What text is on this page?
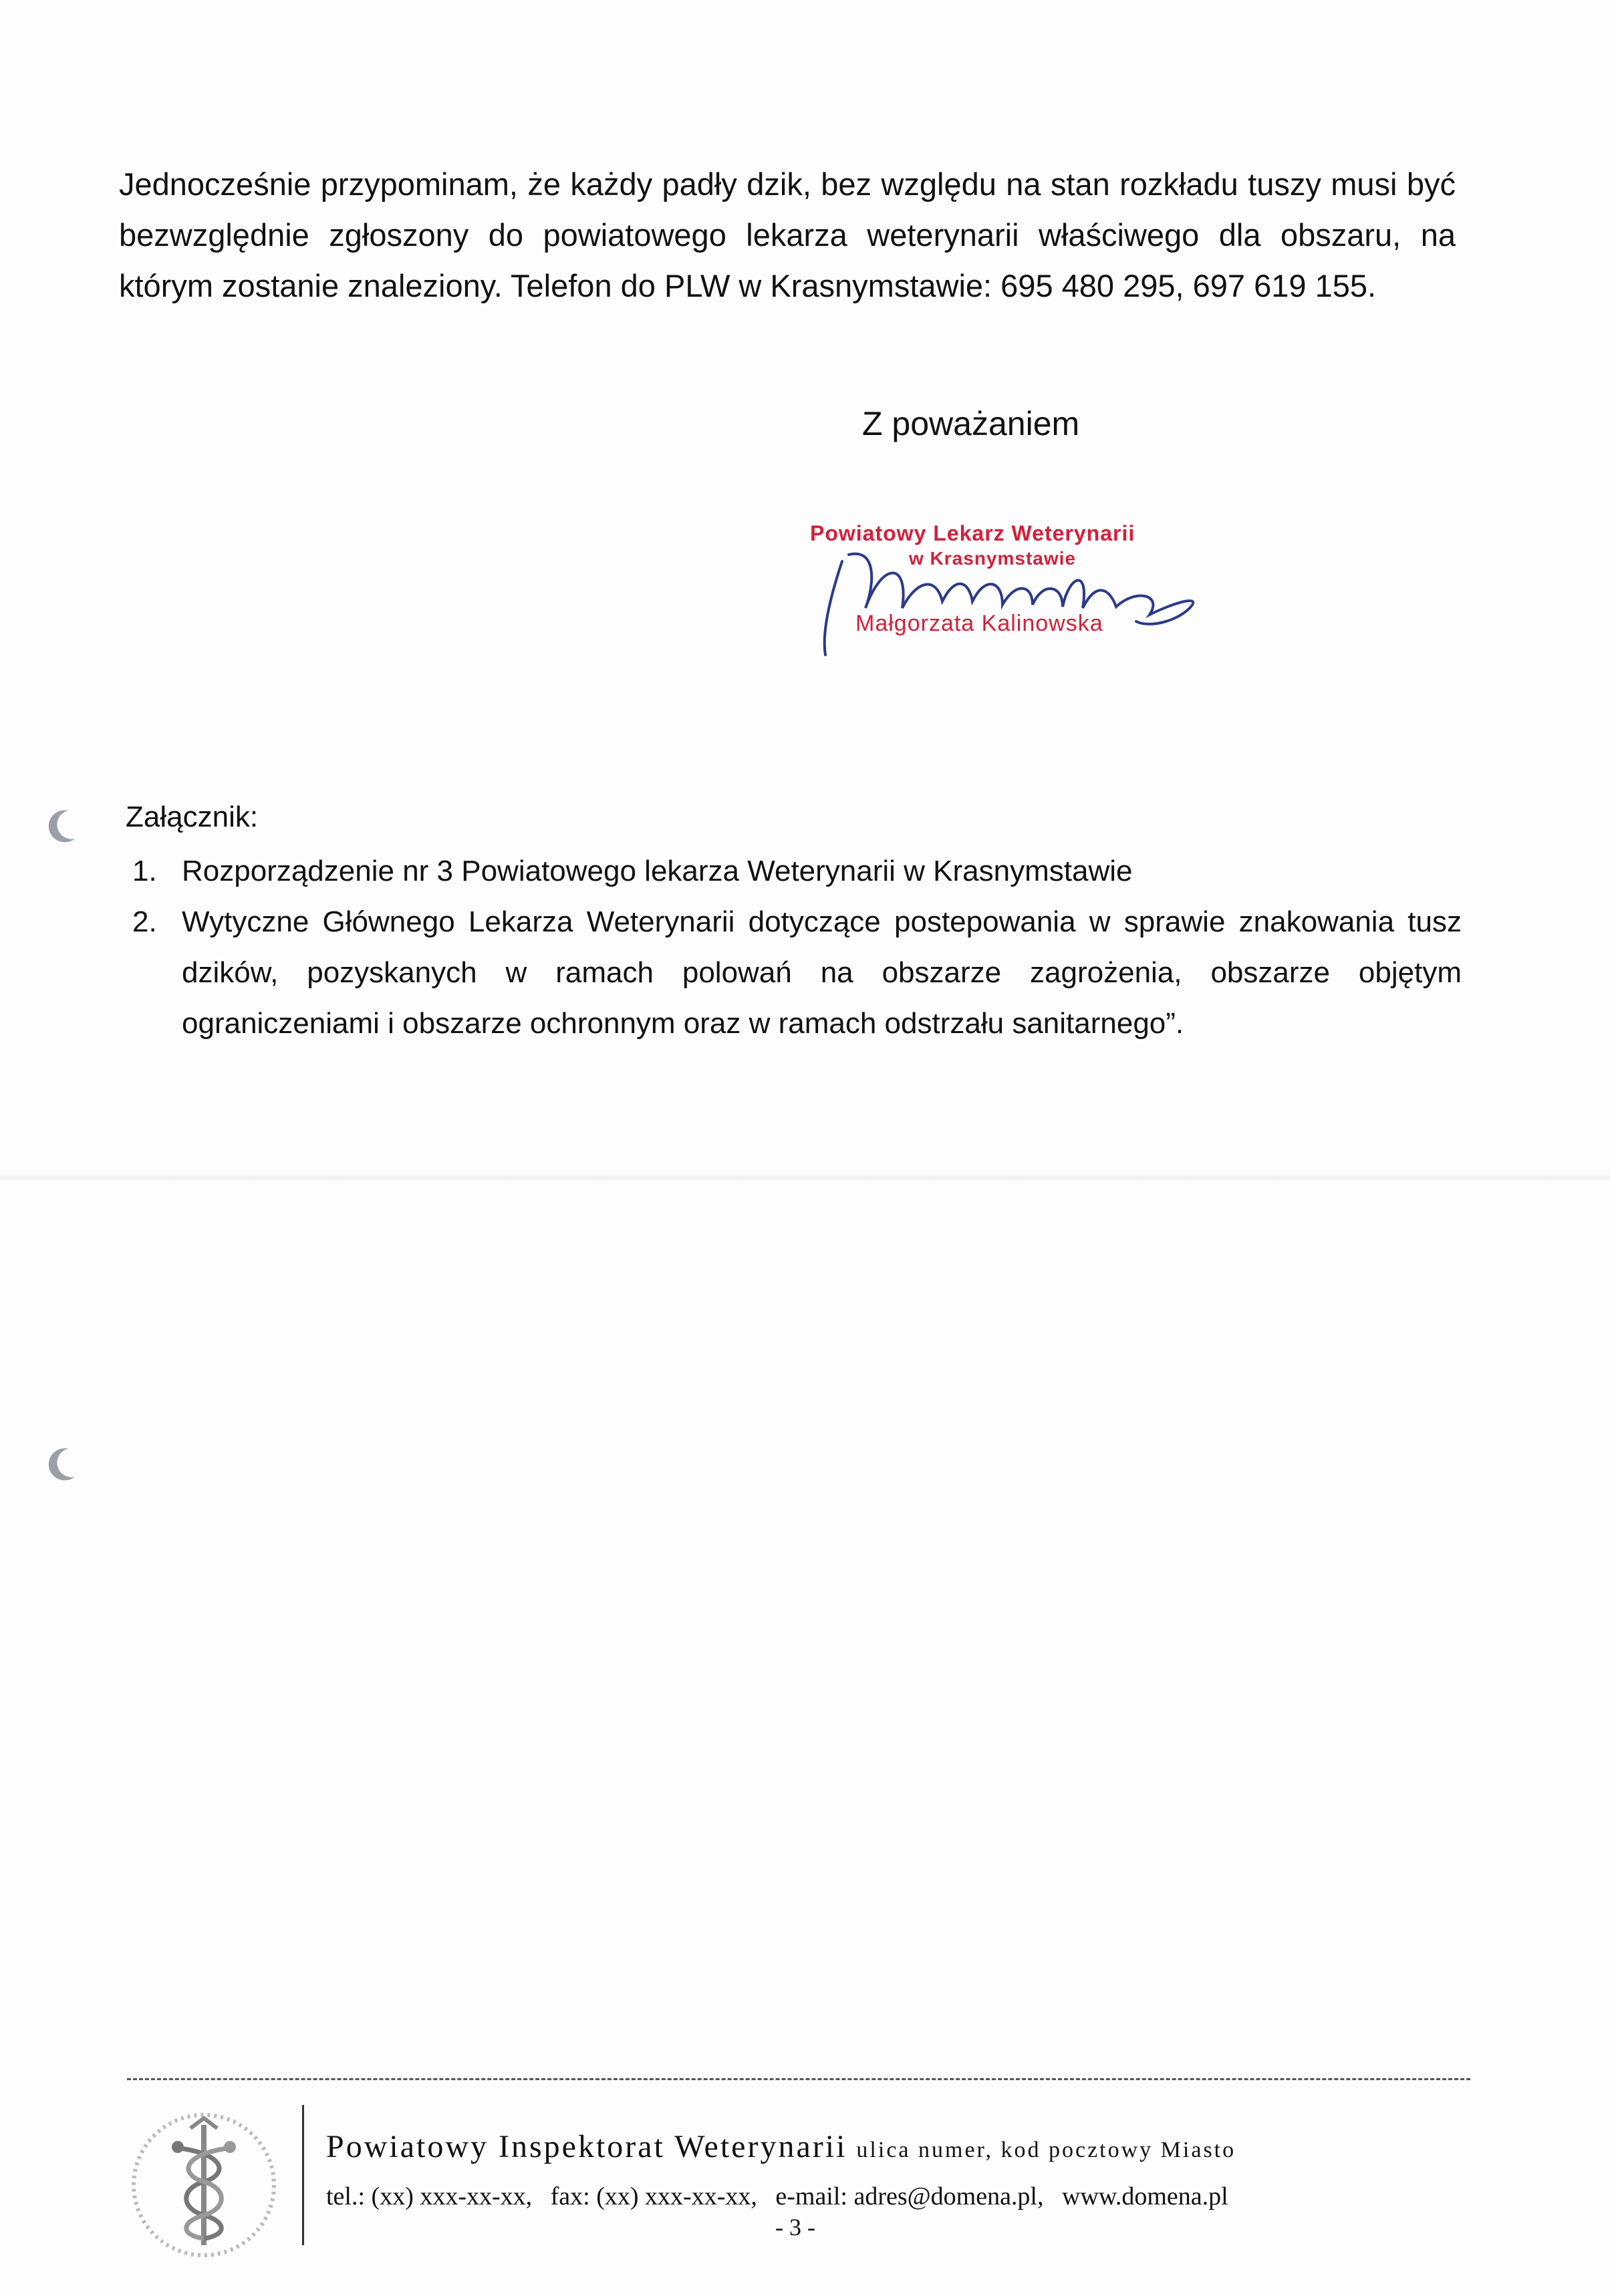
Jednocześnie przypominam, że każdy padły dzik, bez względu na stan rozkładu tuszy musi być bezwzględnie zgłoszony do powiatowego lekarza weterynarii właściwego dla obszaru, na którym zostanie znaleziony. Telefon do PLW w Krasnymstawie: 695 480 295, 697 619 155.
Z poważaniem
Powiatowy Lekarz Weterynarii
w Krasnymstawie
Małgorzata Kalinowska
Załącznik:
1. Rozporządzenie nr 3 Powiatowego lekarza Weterynarii w Krasnymstawie
2. Wytyczne Głównego Lekarza Weterynarii dotyczące postepowania w sprawie znakowania tusz dzików, pozyskanych w ramach polowań na obszarze zagrożenia, obszarze objętym ograniczeniami i obszarze ochronnym oraz w ramach odstrzału sanitarnego”.
Powiatowy Inspektorat Weterynarii ulica numer, kod pocztowy Miasto
tel.: (xx) xxx-xx-xx, fax: (xx) xxx-xx-xx, e-mail: adres@domena.pl, www.domena.pl
- 3 -
